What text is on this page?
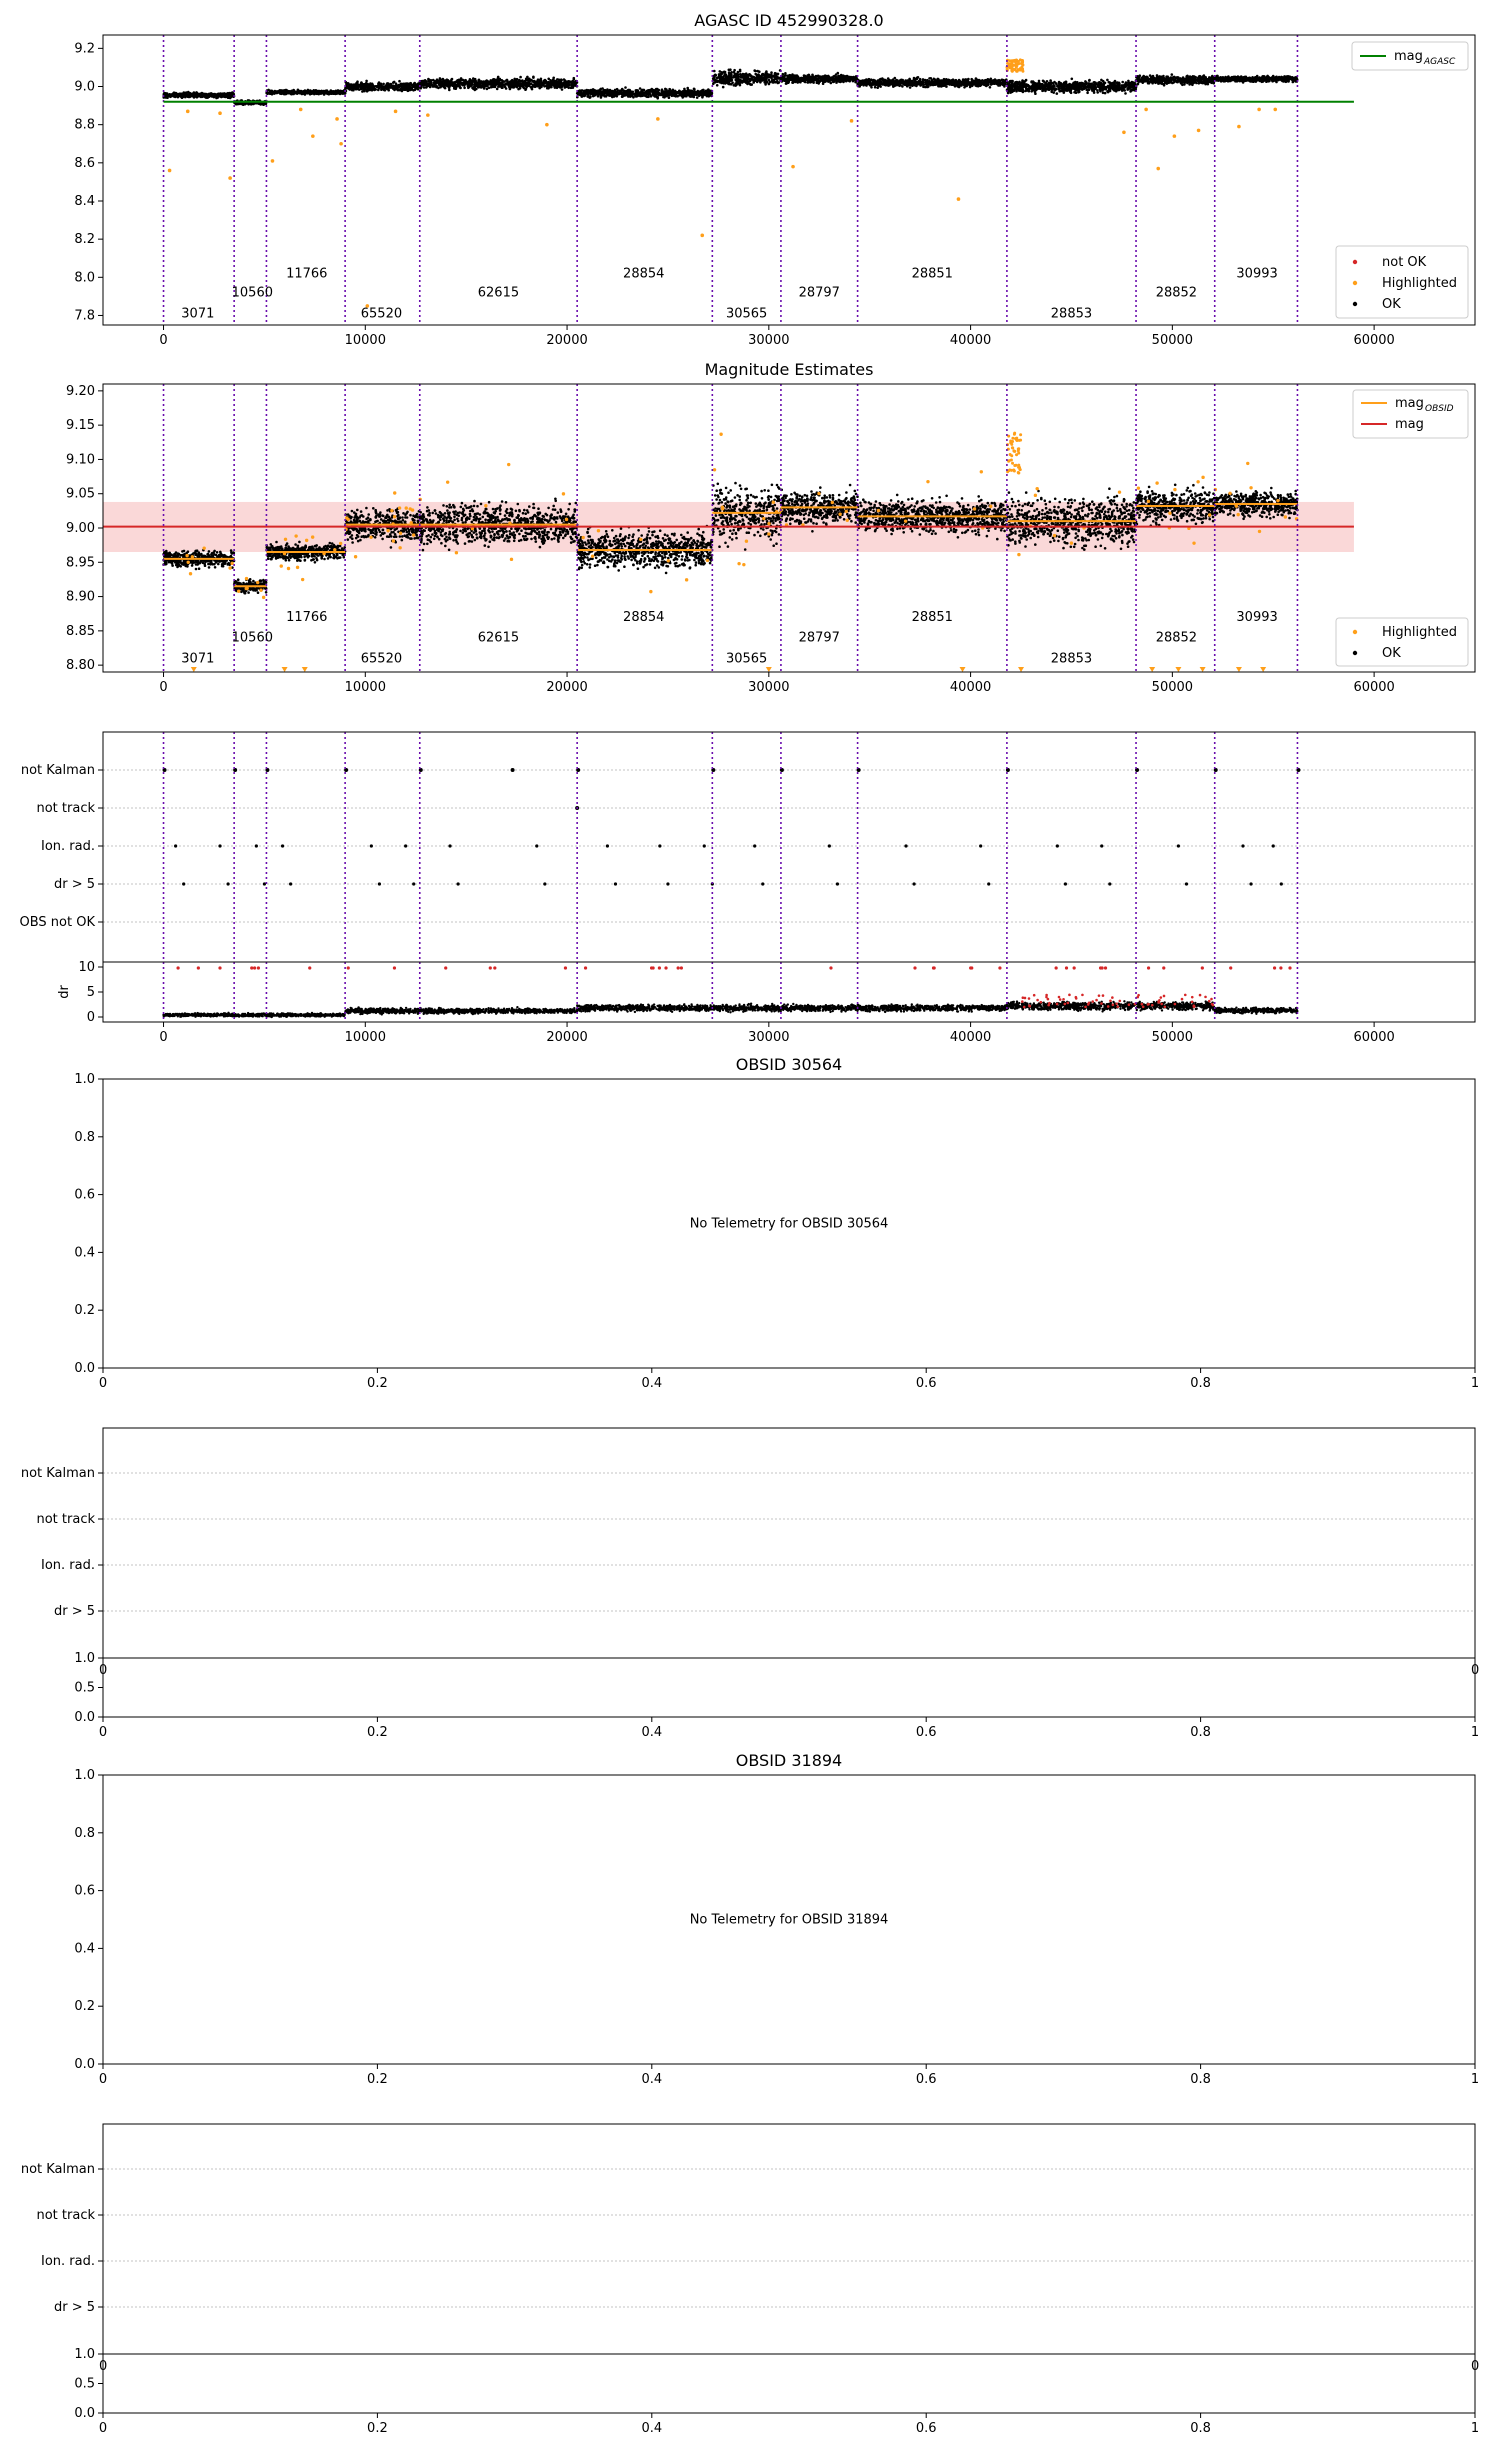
AGASC ID 452990328.0
3071
10560
11766
65520
62615
28854
30565
28797
28851
28853
28852
30993
0	10000	20000	30000	40000	50000	60000
7.8
8.0
8.2
8.4
8.6
8.8
9.0
9.2
mag AGASC
not OK
Highlighted
OK
Magnitude Estimates
3071
10560
11766
65520
62615
28854
30565
28797
28851
28853
28852
30993
0	10000	20000	30000	40000	50000	60000
8.80
8.85
8.90
8.95
9.00
9.05
9.10
9.15
9.20
mag OBSID
mag
Highlighted
OK
not Kalman
not track
Ion. rad.
dr > 5
OBS not OK
0
5
10
dr
0	10000	20000	30000	40000	50000	60000
OBSID 30564
No Telemetry for OBSID 30564
0	0.2	0.4	0.6	0.8	1
0.0
0.2
0.4
0.6
0.8
1.0
OBSID 31894
No Telemetry for OBSID 31894
0	0.2	0.4	0.6	0.8	1
0.0
0.2
0.4
0.6
0.8
1.0
not Kalman
not track
Ion. rad.
dr > 5
0	0
0.0
0.5
1.0
0	0.2	0.4	0.6	0.8	1
not Kalman
not track
Ion. rad.
dr > 5
0	0
0.0
0.5
1.0
0	0.2	0.4	0.6	0.8	1
